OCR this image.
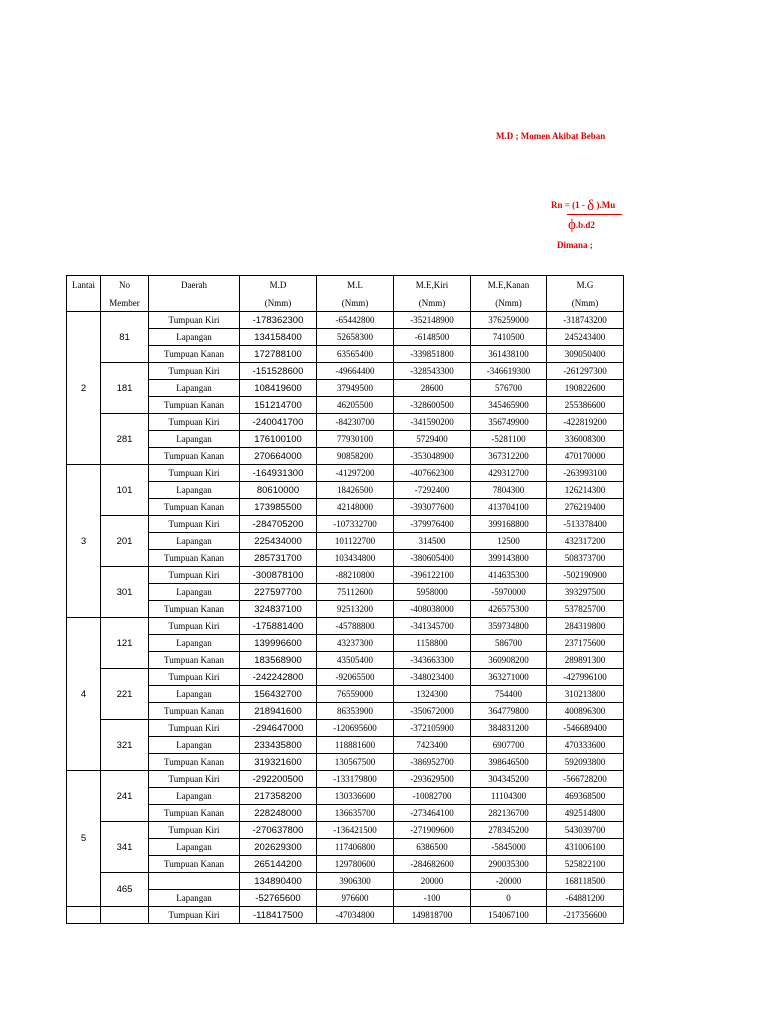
M.D ; Momen Akibat Beban
Rn = (1 - δ ).Mu
ϕ.b.d2
Dimana ;
Lantai	No	Daerah	M.D	M.L	M.E,Kiri	M.E,Kanan	M.G
	Member		(Nmm)	(Nmm)	(Nmm)	(Nmm)	(Nmm)
2	81	Tumpuan Kiri	-178362300	-65442800	-352148900	376259000	-318743200
		Lapangan	134158400	52658300	-6148500	7410500	245243400
		Tumpuan Kanan	172788100	63565400	-339851800	361438100	309050400
	181	Tumpuan Kiri	-151528600	-49664400	-328543300	-346619300	-261297300
		Lapangan	108419600	37949500	28600	576700	190822600
		Tumpuan Kanan	151214700	46205500	-328600500	345465900	255386600
	281	Tumpuan Kiri	-240041700	-84230700	-341590200	356749900	-422819200
		Lapangan	176100100	77930100	5729400	-5281100	336008300
		Tumpuan Kanan	270664000	90858200	-353048900	367312200	470170000
3	101	Tumpuan Kiri	-164931300	-41297200	-407662300	429312700	-263993100
		Lapangan	80610000	18426500	-7292400	7804300	126214300
		Tumpuan Kanan	173985500	42148000	-393077600	413704100	276219400
	201	Tumpuan Kiri	-284705200	-107332700	-379976400	399168800	-513378400
		Lapangan	225434000	101122700	314500	12500	432317200
		Tumpuan Kanan	285731700	103434800	-380605400	399143800	508373700
	301	Tumpuan Kiri	-300878100	-88210800	-396122100	414635300	-502190900
		Lapangan	227597700	75112600	5958000	-5970000	393297500
		Tumpuan Kanan	324837100	92513200	-408038000	426575300	537825700
4	121	Tumpuan Kiri	-175881400	-45788800	-341345700	359734800	284319800
		Lapangan	139996600	43237300	1158800	586700	237175600
		Tumpuan Kanan	183568900	43505400	-343663300	360908200	289891300
	221	Tumpuan Kiri	-242242800	-92065500	-348023400	363271000	-427996100
		Lapangan	156432700	76559000	1324300	754400	310213800
		Tumpuan Kanan	218941600	86353900	-350672000	364779800	400896300
	321	Tumpuan Kiri	-294647000	-120695600	-372105900	384831200	-546689400
		Lapangan	233435800	118881600	7423400	6907700	470333600
		Tumpuan Kanan	319321600	130567500	-386952700	398646500	592093800
5	241	Tumpuan Kiri	-292200500	-133179800	-293629500	304345200	-566728200
		Lapangan	217358200	130336600	-10082700	11104300	469368500
		Tumpuan Kanan	228248000	136635700	-273464100	282136700	492514800
	341	Tumpuan Kiri	-270637800	-136421500	-271909600	278345200	543039700
		Lapangan	202629300	117406800	6386500	-5845000	431006100
		Tumpuan Kanan	265144200	129780600	-284682600	290035300	525822100
	465		134890400	3906300	20000	-20000	168118500
		Lapangan	-52765600	976600	-100	0	-64881200
		Tumpuan Kiri	-118417500	-47034800	149818700	154067100	-217356600
